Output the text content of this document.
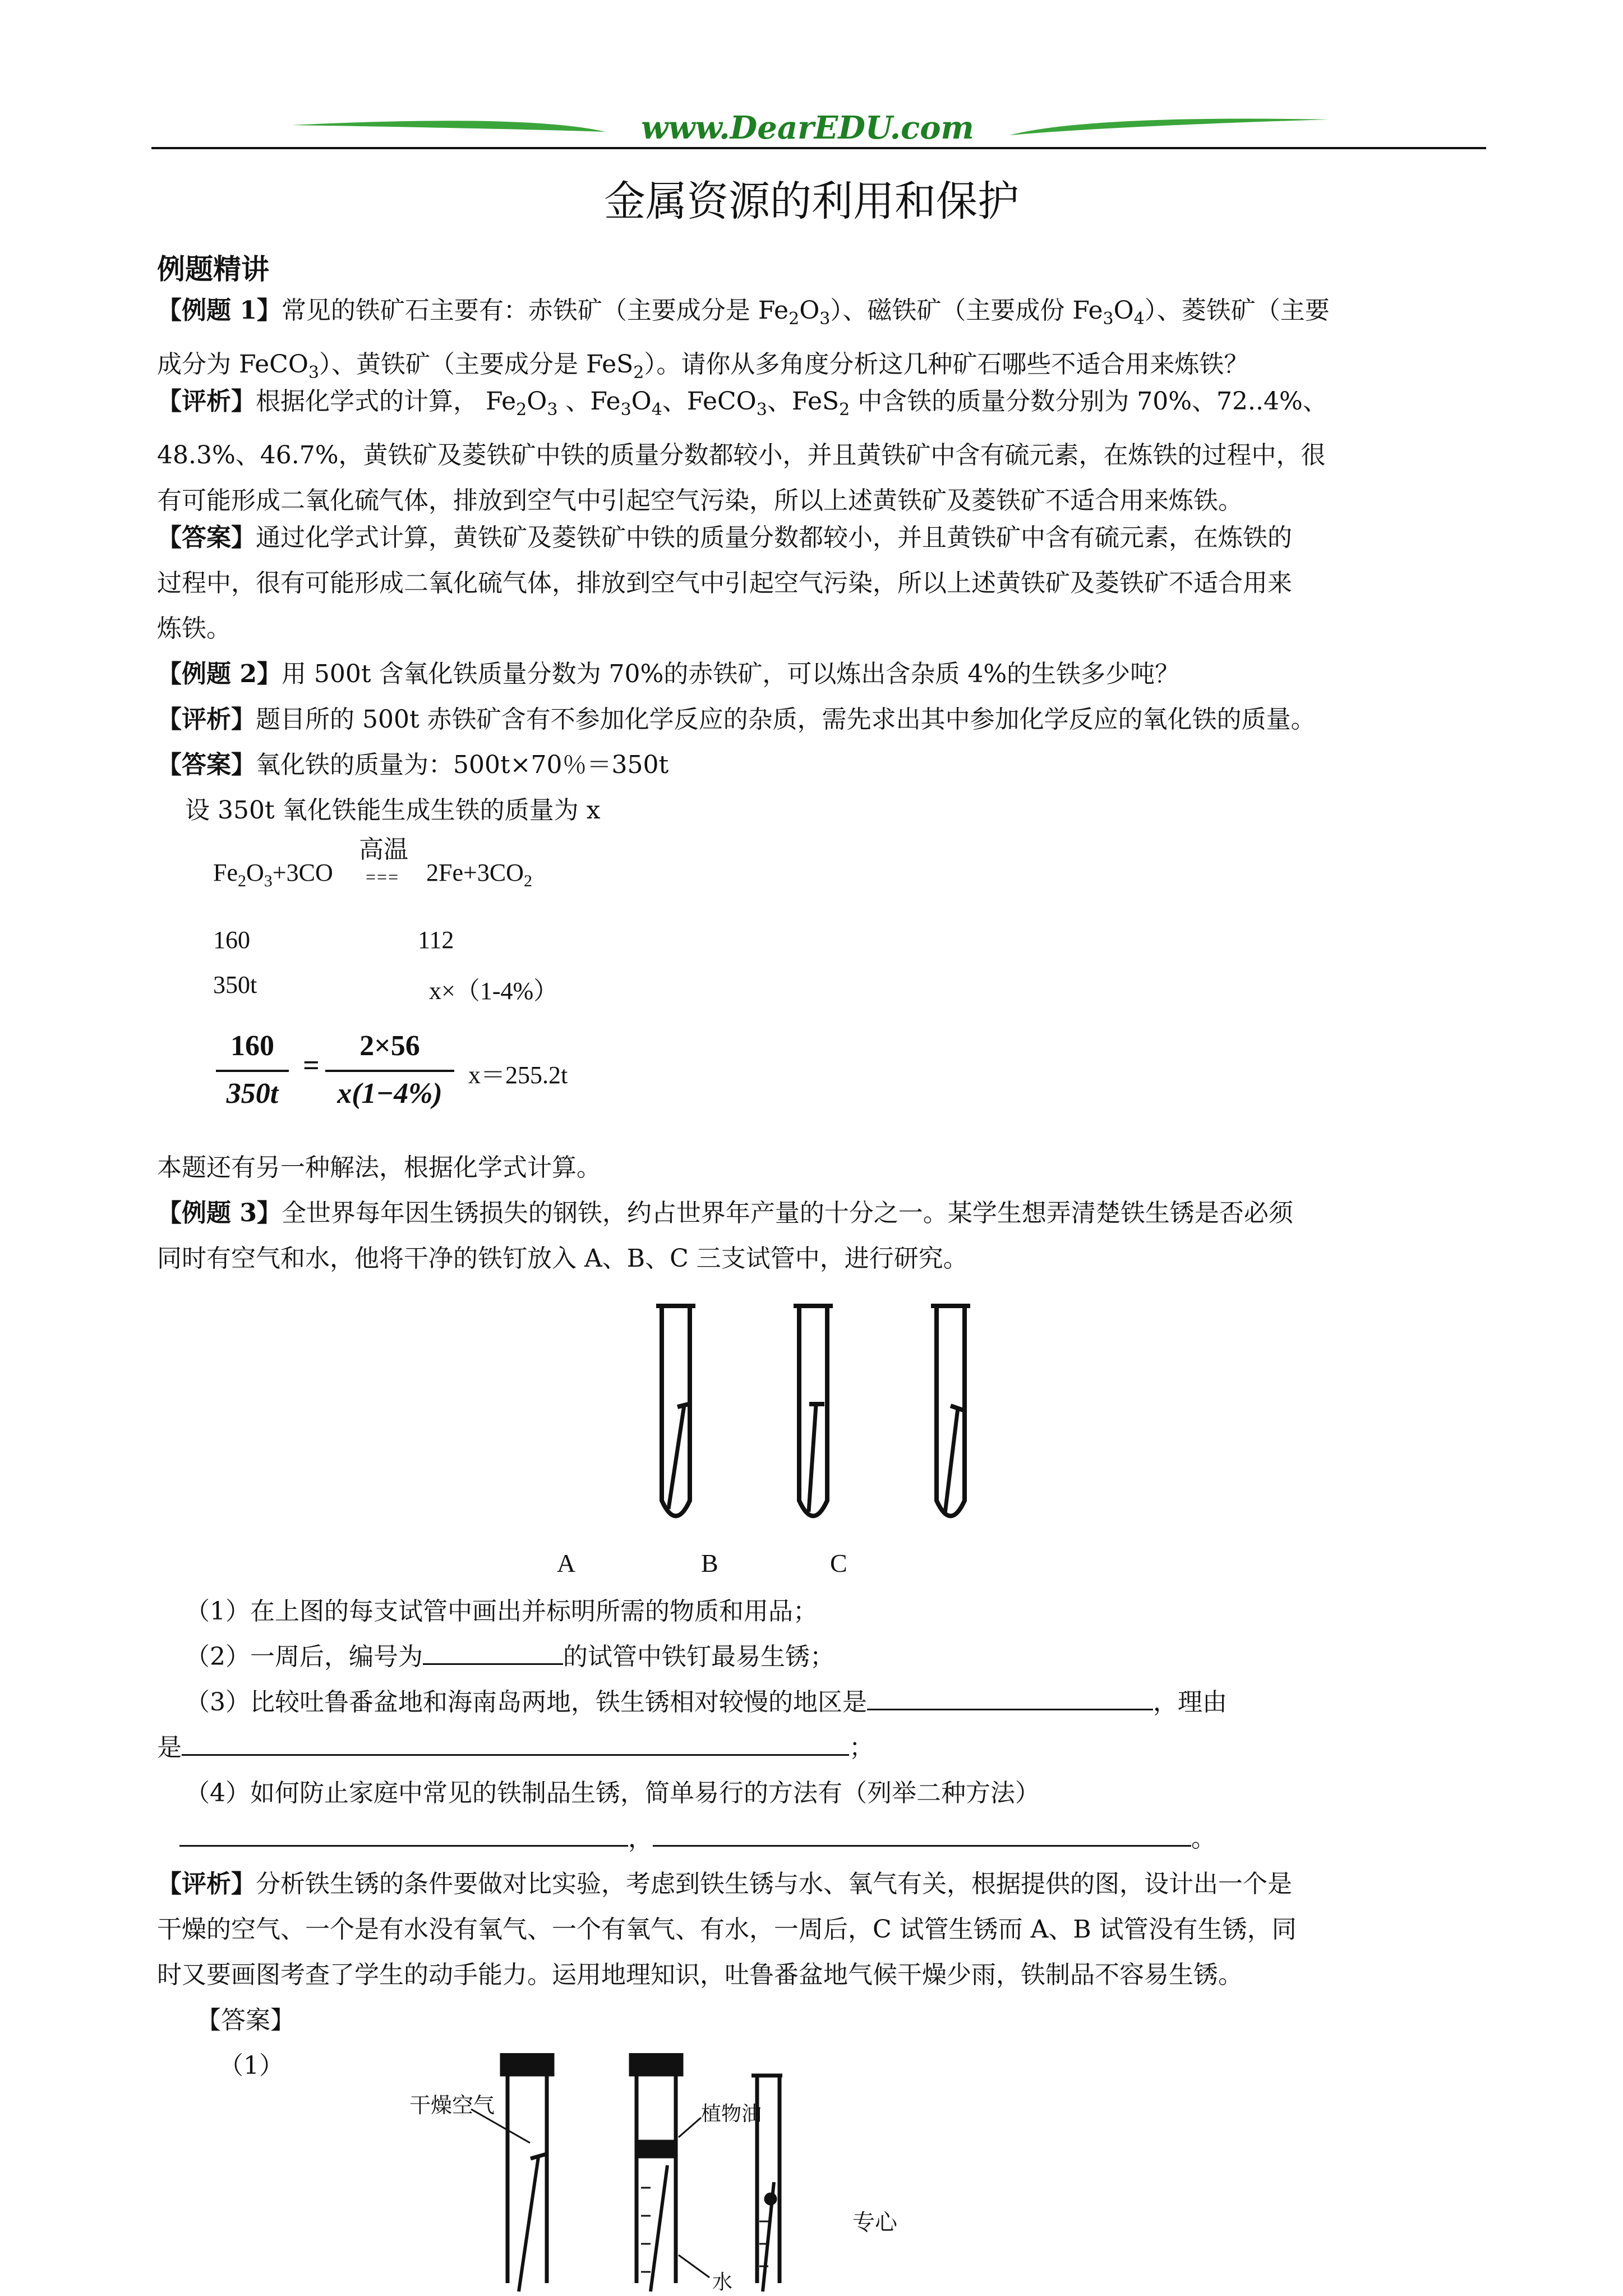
www.DearEDU.com
金属资源的利用和保护
例题精讲
【例题 1】常见的铁矿石主要有：赤铁矿（主要成分是 $Fe_2O_3$）、磁铁矿（主要成份 $Fe_3O_4$）、菱铁矿（主要
成分为 FeCO$_3$）、黄铁矿（主要成分是 FeS$_2$）。请你从多角度分析这几种矿石哪些不适合用来炼铁？
【评析】根据化学式的计算， $Fe_2O_3$ 、$Fe_3O_4$、FeCO$_3$、FeS$_2$ 中含铁的质量分数分别为 70%、72..4%、
48.3%、46.7%，黄铁矿及菱铁矿中铁的质量分数都较小，并且黄铁矿中含有硫元素，在炼铁的过程中，很
有可能形成二氧化硫气体，排放到空气中引起空气污染，所以上述黄铁矿及菱铁矿不适合用来炼铁。
【答案】通过化学式计算，黄铁矿及菱铁矿中铁的质量分数都较小，并且黄铁矿中含有硫元素，在炼铁的
过程中，很有可能形成二氧化硫气体，排放到空气中引起空气污染，所以上述黄铁矿及菱铁矿不适合用来
炼铁。
【例题 2】用 500t 含氧化铁质量分数为 70%的赤铁矿，可以炼出含杂质 4%的生铁多少吨？
【评析】题目所的 500t 赤铁矿含有不参加化学反应的杂质，需先求出其中参加化学反应的氧化铁的质量。
【答案】氧化铁的质量为：500t×70％＝350t
设 350t 氧化铁能生成生铁的质量为 x
$Fe_2O_3+3CO$
高温
=== $2Fe+3CO_2$
160	112
350t	x×（1-4%）
160
350t
=
2×56
x(1−4%)
x＝255.2t
本题还有另一种解法，根据化学式计算。
【例题 3】全世界每年因生锈损失的钢铁，约占世界年产量的十分之一。某学生想弄清楚铁生锈是否必须
同时有空气和水，他将干净的铁钉放入 A、B、C 三支试管中，进行研究。
A	B	C
（1）在上图的每支试管中画出并标明所需的物质和用品；
（2）一周后，编号为	的试管中铁钉最易生锈；
（3）比较吐鲁番盆地和海南岛两地，铁生锈相对较慢的地区是	，理由
是	；
（4）如何防止家庭中常见的铁制品生锈，简单易行的方法有（列举二种方法）
，	。
【评析】分析铁生锈的条件要做对比实验，考虑到铁生锈与水、氧气有关，根据提供的图，设计出一个是
干燥的空气、一个是有水没有氧气、一个有氧气、有水，一周后，C 试管生锈而 A、B 试管没有生锈，同
时又要画图考查了学生的动手能力。运用地理知识，吐鲁番盆地气候干燥少雨，铁制品不容易生锈。
【答案】
（1）
干燥空气	植物油
水
专心
